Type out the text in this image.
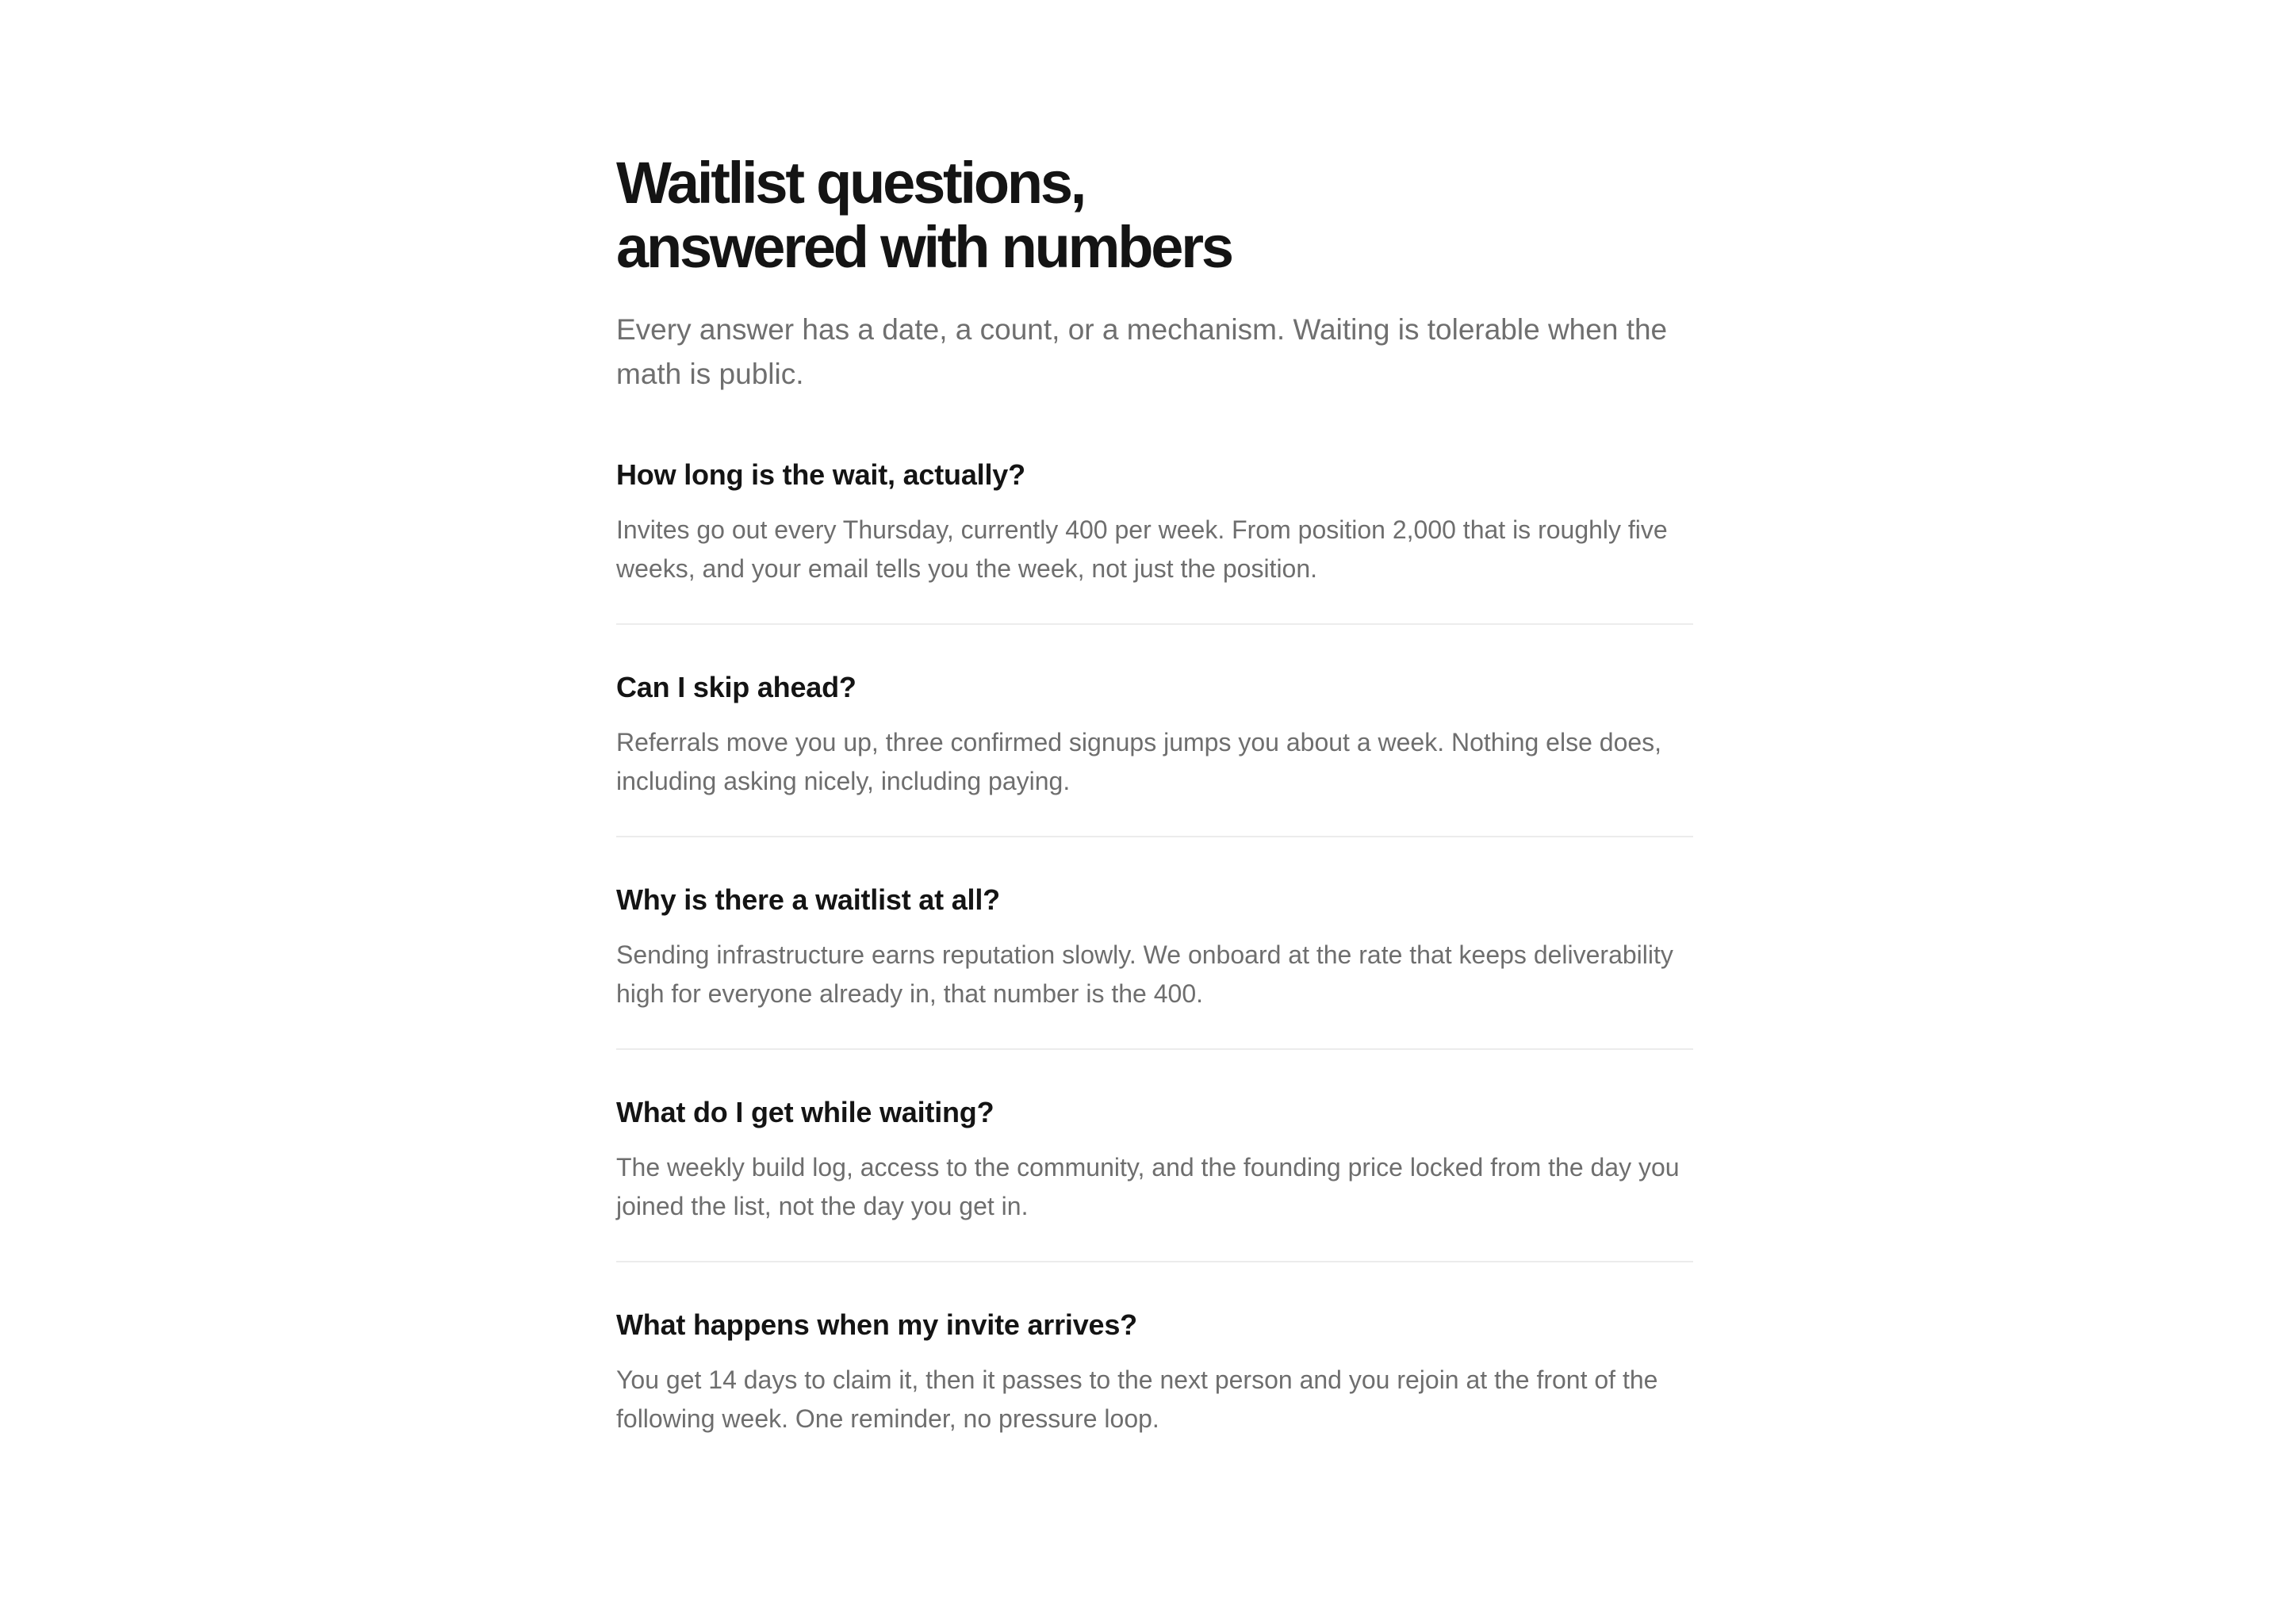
Waitlist questions,
answered with numbers

Every answer has a date, a count, or a mechanism. Waiting is tolerable when the math is public.

How long is the wait, actually?

Invites go out every Thursday, currently 400 per week. From position 2,000 that is roughly five weeks, and your email tells you the week, not just the position.

Can I skip ahead?

Referrals move you up, three confirmed signups jumps you about a week. Nothing else does, including asking nicely, including paying.

Why is there a waitlist at all?

Sending infrastructure earns reputation slowly. We onboard at the rate that keeps deliverability high for everyone already in, that number is the 400.

What do I get while waiting?

The weekly build log, access to the community, and the founding price locked from the day you joined the list, not the day you get in.

What happens when my invite arrives?

You get 14 days to claim it, then it passes to the next person and you rejoin at the front of the following week. One reminder, no pressure loop.
